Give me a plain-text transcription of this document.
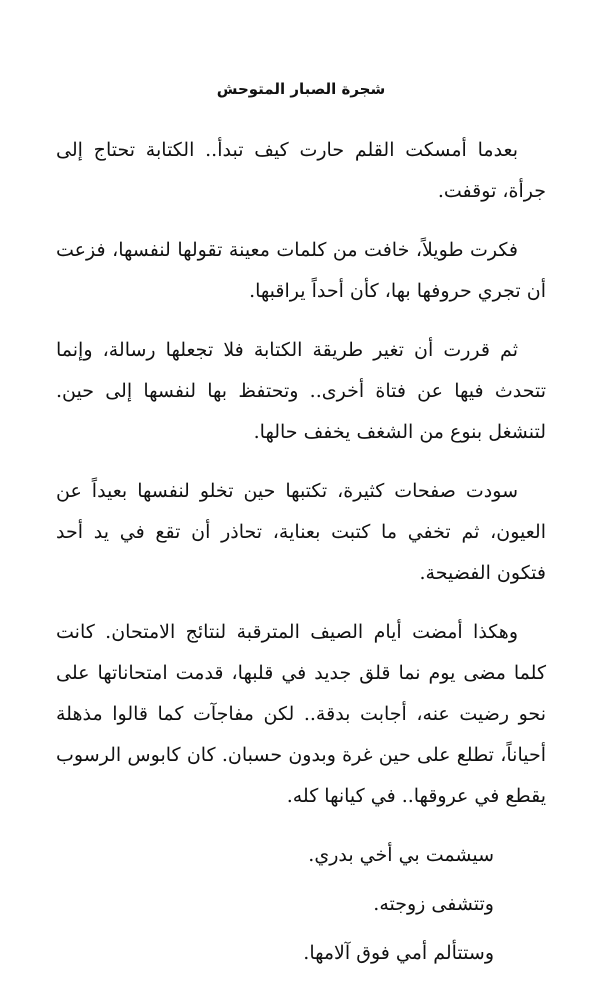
شجرة الصبار المتوحش

بعدما أمسكت القلم حارت كيف تبدأ.. الكتابة تحتاج إلى جرأة، توقفت.

فكرت طويلاً، خافت من كلمات معينة تقولها لنفسها، فزعت أن تجري حروفها بها، كأن أحداً يراقبها.

ثم قررت أن تغير طريقة الكتابة فلا تجعلها رسالة، وإنما تتحدث فيها عن فتاة أخرى.. وتحتفظ بها لنفسها إلى حين. لتنشغل بنوع من الشغف يخفف حالها.

سودت صفحات كثيرة، تكتبها حين تخلو لنفسها بعيداً عن العيون، ثم تخفي ما كتبت بعناية، تحاذر أن تقع في يد أحد فتكون الفضيحة.

وهكذا أمضت أيام الصيف المترقبة لنتائج الامتحان. كانت كلما مضى يوم نما قلق جديد في قلبها، قدمت امتحاناتها على نحو رضيت عنه، أجابت بدقة.. لكن مفاجآت كما قالوا مذهلة أحياناً، تطلع على حين غرة وبدون حسبان. كان كابوس الرسوب يقطع في عروقها.. في كيانها كله.

سيشمت بي أخي بدري.

وتتشفى زوجته.

وستتألم أمي فوق آلامها.
